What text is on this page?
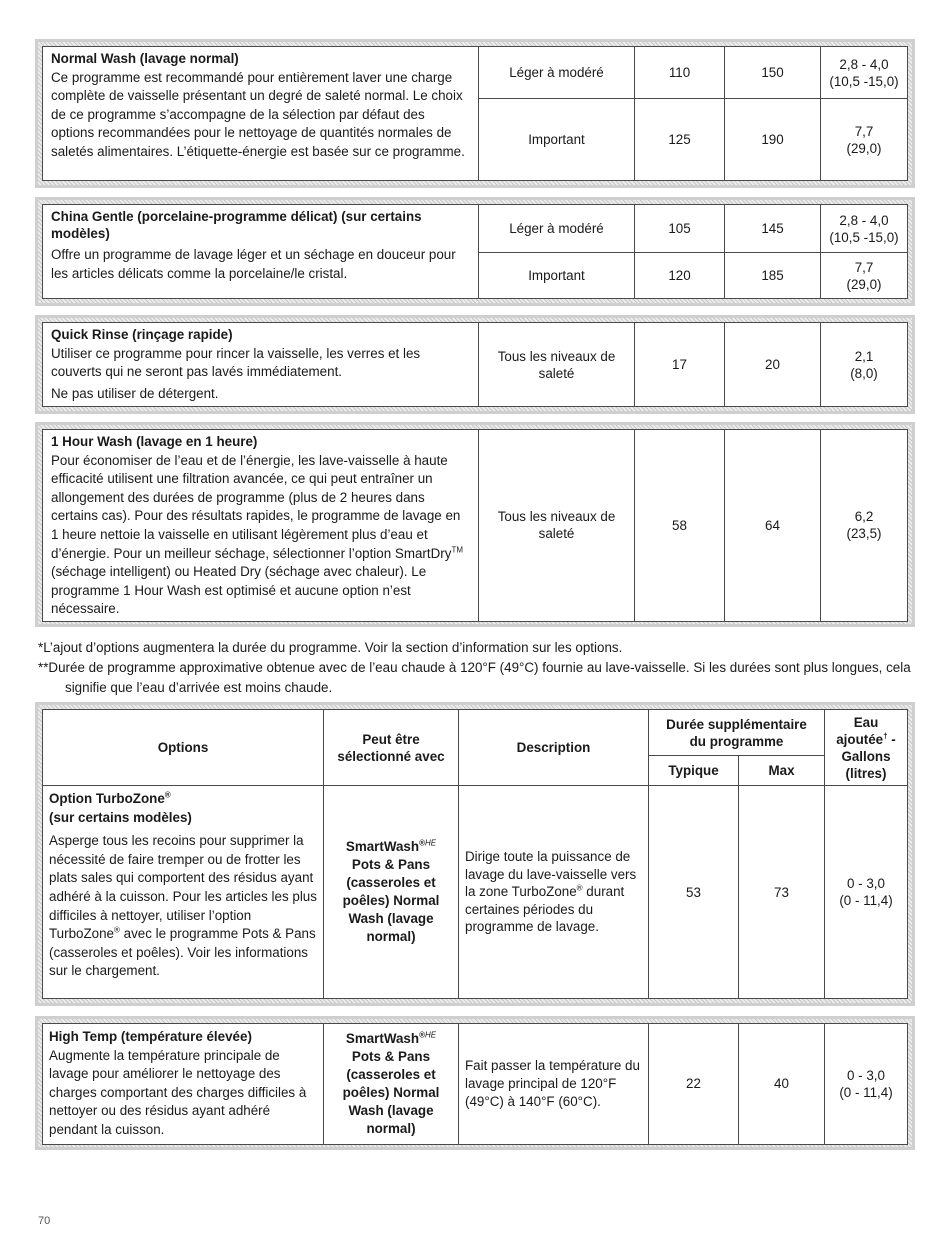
Normal Wash (lavage normal)
Ce programme est recommandé pour entièrement laver une charge complète de vaisselle présentant un degré de saleté normal. Le choix de ce programme s’accompagne de la sélection par défaut des options recommandées pour le nettoyage de quantités normales de saletés alimentaires. L’étiquette-énergie est basée sur ce programme.	Léger à modéré	110	150	2,8 - 4,0
(10,5 -15,0)
	Important	125	190	7,7
(29,0)
China Gentle (porcelaine-programme délicat) (sur certains modèles)
Offre un programme de lavage léger et un séchage en douceur pour les articles délicats comme la porcelaine/le cristal.	Léger à modéré	105	145	2,8 - 4,0
(10,5 -15,0)
	Important	120	185	7,7
(29,0)
Quick Rinse (rinçage rapide)
Utiliser ce programme pour rincer la vaisselle, les verres et les couverts qui ne seront pas lavés immédiatement.
Ne pas utiliser de détergent.
	Tous les niveaux de saleté	17	20	2,1
(8,0)
1 Hour Wash (lavage en 1 heure)
Pour économiser de l’eau et de l’énergie, les lave-vaisselle à haute efficacité utilisent une filtration avancée, ce qui peut entraîner un allongement des durées de programme (plus de 2 heures dans certains cas). Pour des résultats rapides, le programme de lavage en 1 heure nettoie la vaisselle en utilisant légèrement plus d’eau et d’énergie. Pour un meilleur séchage, sélectionner l’option SmartDry™ (séchage intelligent) ou Heated Dry (séchage avec chaleur). Le programme 1 Hour Wash est optimisé et aucune option n’est nécessaire.
	Tous les niveaux de saleté	58	64	6,2
(23,5)
*L’ajout d’options augmentera la durée du programme. Voir la section d’information sur les options.
**Durée de programme approximative obtenue avec de l’eau chaude à 120°F (49°C) fournie au lave-vaisselle. Si les durées sont plus longues, cela signifie que l’eau d’arrivée est moins chaude.
Options	Peut être sélectionné avec	Description	Durée supplémentaire du programme		Eau ajoutée† - Gallons (litres)
			Typique	Max	

Option TurboZone®
(sur certains modèles)
Asperge tous les recoins pour supprimer la nécessité de faire tremper ou de frotter les plats sales qui comportent des résidus ayant adhéré à la cuisson. Pour les articles les plus difficiles à nettoyer, utiliser l’option TurboZone® avec le programme Pots & Pans (casseroles et poêles). Voir les informations sur le chargement.	SmartWash$^{®HE}$
Pots & Pans (casseroles et poêles) Normal Wash (lavage normal)	Dirige toute la puissance de lavage du lave-vaisselle vers la zone TurboZone® durant certaines périodes du programme de lavage.	53	73	0 - 3,0
(0 - 11,4)
High Temp (température élevée)
Augmente la température principale de lavage pour améliorer le nettoyage des charges comportant des charges difficiles à nettoyer ou des résidus ayant adhéré pendant la cuisson.
	SmartWash$^{®HE}$
Pots & Pans (casseroles et poêles) Normal Wash (lavage normal)	Fait passer la température du lavage principal de 120°F (49°C) à 140°F (60°C).	22	40	0 - 3,0
(0 - 11,4)
70
